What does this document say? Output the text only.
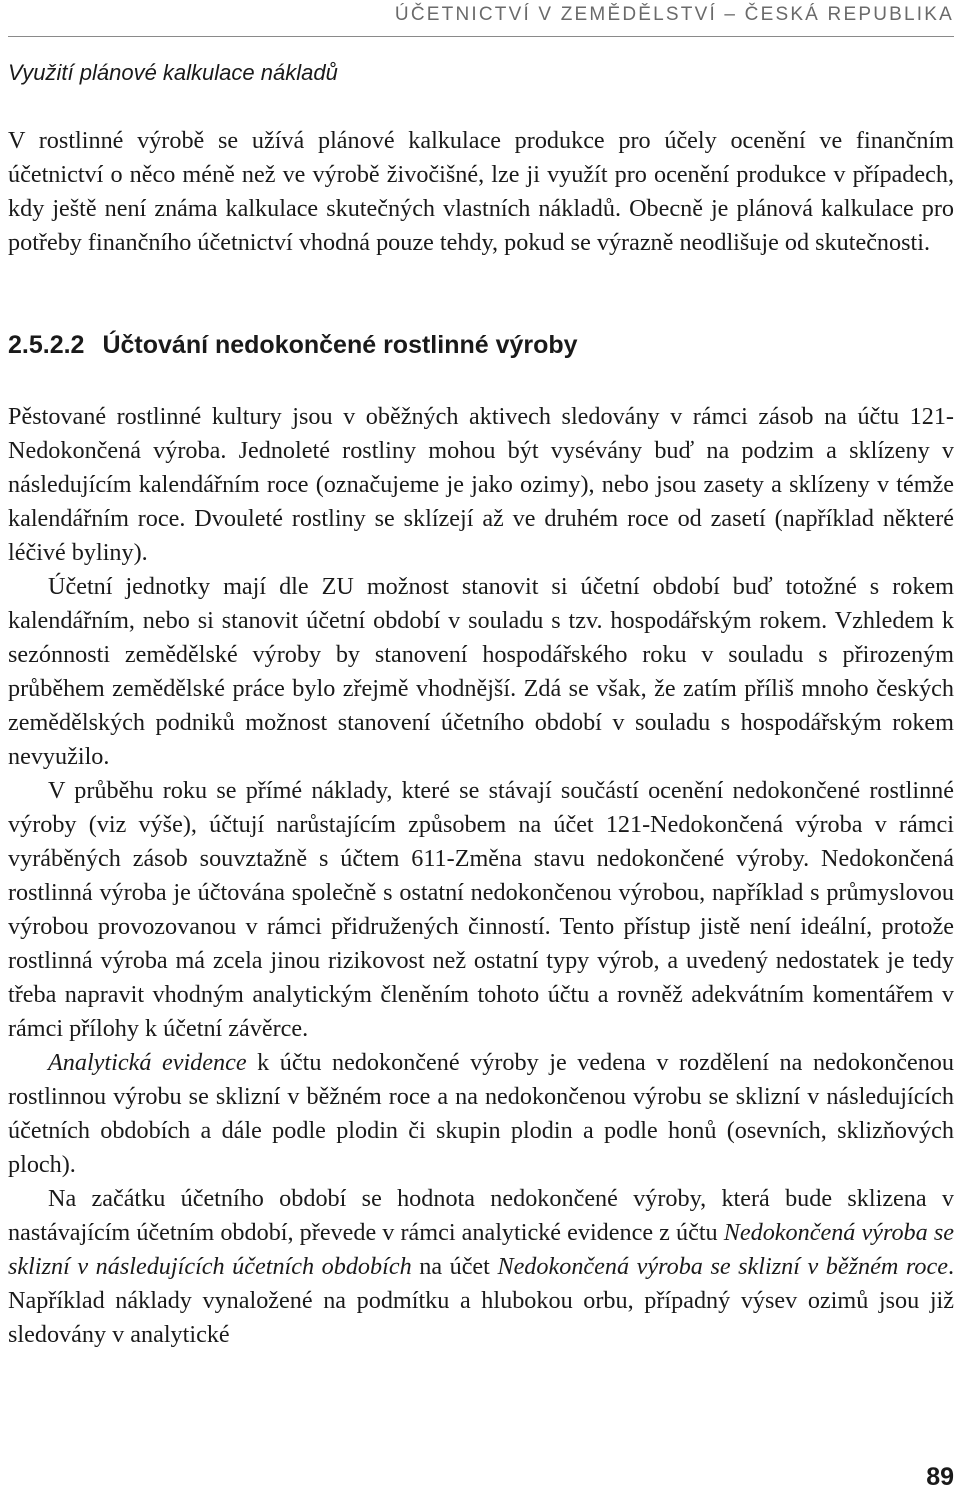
ÚČETNICTVÍ V ZEMĚDĚLSTVÍ – ČESKÁ REPUBLIKA
Využití plánové kalkulace nákladů

V rostlinné výrobě se užívá plánové kalkulace produkce pro účely ocenění ve finančním účetnictví o něco méně než ve výrobě živočišné, lze ji využít pro ocenění produkce v případech, kdy ještě není známa kalkulace skutečných vlastních nákladů. Obecně je plánová kalkulace pro potřeby finančního účetnictví vhodná pouze tehdy, pokud se výrazně neodlišuje od skutečnosti.

2.5.2.2 Účtování nedokončené rostlinné výroby

Pěstované rostlinné kultury jsou v oběžných aktivech sledovány v rámci zásob na účtu 121-Nedokončená výroba. Jednoleté rostliny mohou být vysévány buď na podzim a sklízeny v následujícím kalendářním roce (označujeme je jako ozimy), nebo jsou zasety a sklízeny v témže kalendářním roce. Dvouleté rostliny se sklízejí až ve druhém roce od zasetí (například některé léčivé byliny).

Účetní jednotky mají dle ZU možnost stanovit si účetní období buď totožné s rokem kalendářním, nebo si stanovit účetní období v souladu s tzv. hospodářským rokem. Vzhledem k sezónnosti zemědělské výroby by stanovení hospodářského roku v souladu s přirozeným průběhem zemědělské práce bylo zřejmě vhodnější. Zdá se však, že zatím příliš mnoho českých zemědělských podniků možnost stanovení účetního období v souladu s hospodářským rokem nevyužilo.

V průběhu roku se přímé náklady, které se stávají součástí ocenění nedokončené rostlinné výroby (viz výše), účtují narůstajícím způsobem na účet 121-Nedokončená výroba v rámci vyráběných zásob souvztažně s účtem 611-Změna stavu nedokončené výroby. Nedokončená rostlinná výroba je účtována společně s ostatní nedokončenou výrobou, například s průmyslovou výrobou provozovanou v rámci přidružených činností. Tento přístup jistě není ideální, protože rostlinná výroba má zcela jinou rizikovost než ostatní typy výrob, a uvedený nedostatek je tedy třeba napravit vhodným analytickým členěním tohoto účtu a rovněž adekvátním komentářem v rámci přílohy k účetní závěrce.

Analytická evidence k účtu nedokončené výroby je vedena v rozdělení na nedokončenou rostlinnou výrobu se sklizní v běžném roce a na nedokončenou výrobu se sklizní v následujících účetních obdobích a dále podle plodin či skupin plodin a podle honů (osevních, sklizňových ploch).

Na začátku účetního období se hodnota nedokončené výroby, která bude sklizena v nastávajícím účetním období, převede v rámci analytické evidence z účtu Nedokončená výroba se sklizní v následujících účetních obdobích na účet Nedokončená výroba se sklizní v běžném roce. Například náklady vynaložené na podmítku a hlubokou orbu, případný výsev ozimů jsou již sledovány v analytické

89
